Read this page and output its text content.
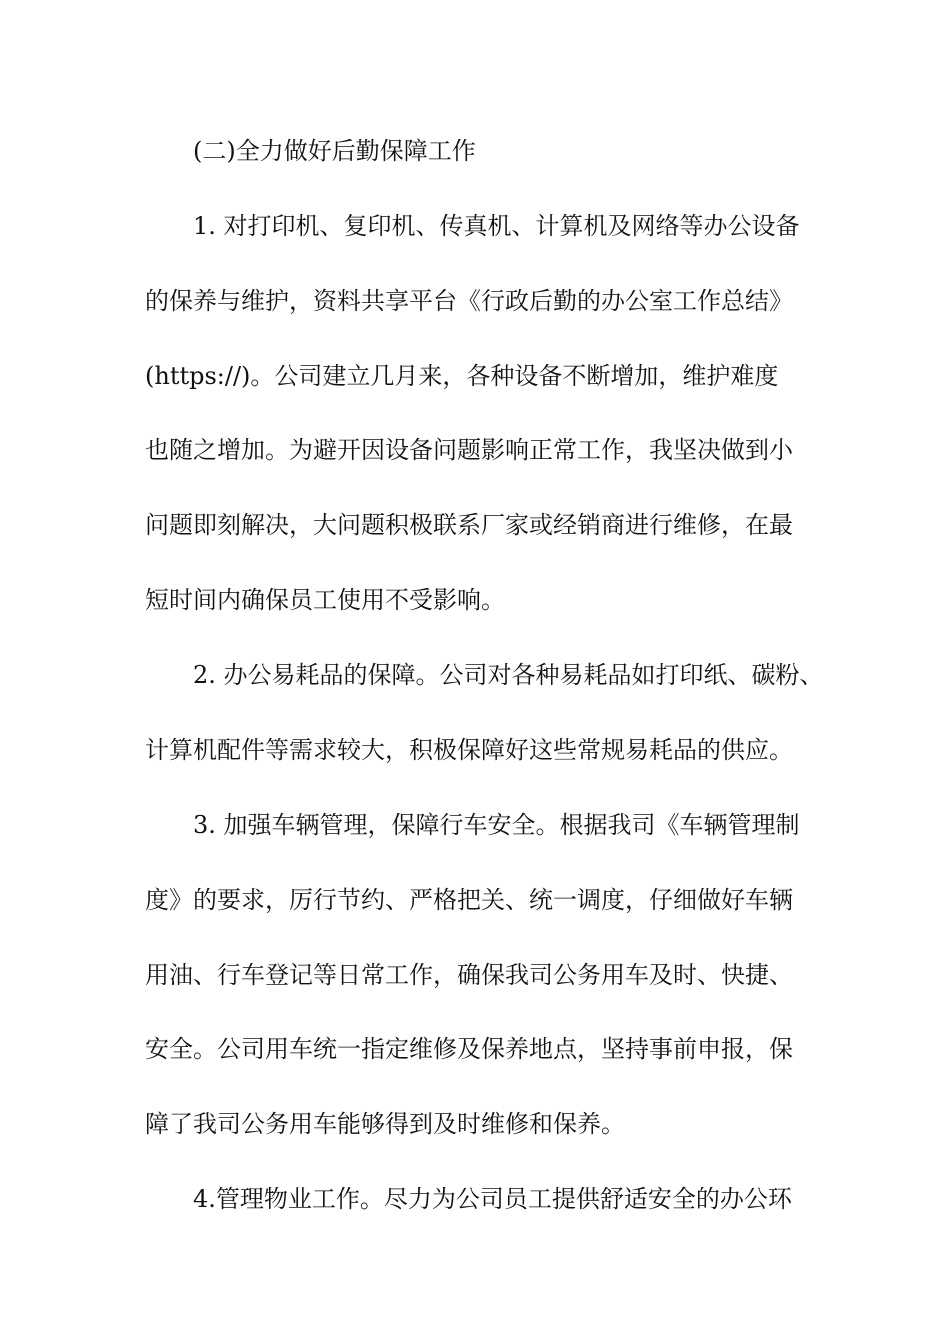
(二)全力做好后勤保障工作
1. 对打印机、复印机、传真机、计算机及网络等办公设备
的保养与维护，资料共享平台《行政后勤的办公室工作总结》
(https://)。公司建立几月来，各种设备不断增加，维护难度
也随之增加。为避开因设备问题影响正常工作，我坚决做到小
问题即刻解决，大问题积极联系厂家或经销商进行维修，在最
短时间内确保员工使用不受影响。
2. 办公易耗品的保障。公司对各种易耗品如打印纸、碳粉、
计算机配件等需求较大，积极保障好这些常规易耗品的供应。
3. 加强车辆管理，保障行车安全。根据我司《车辆管理制
度》的要求，厉行节约、严格把关、统一调度，仔细做好车辆
用油、行车登记等日常工作，确保我司公务用车及时、快捷、
安全。公司用车统一指定维修及保养地点，坚持事前申报，保
障了我司公务用车能够得到及时维修和保养。
4.管理物业工作。尽力为公司员工提供舒适安全的办公环
